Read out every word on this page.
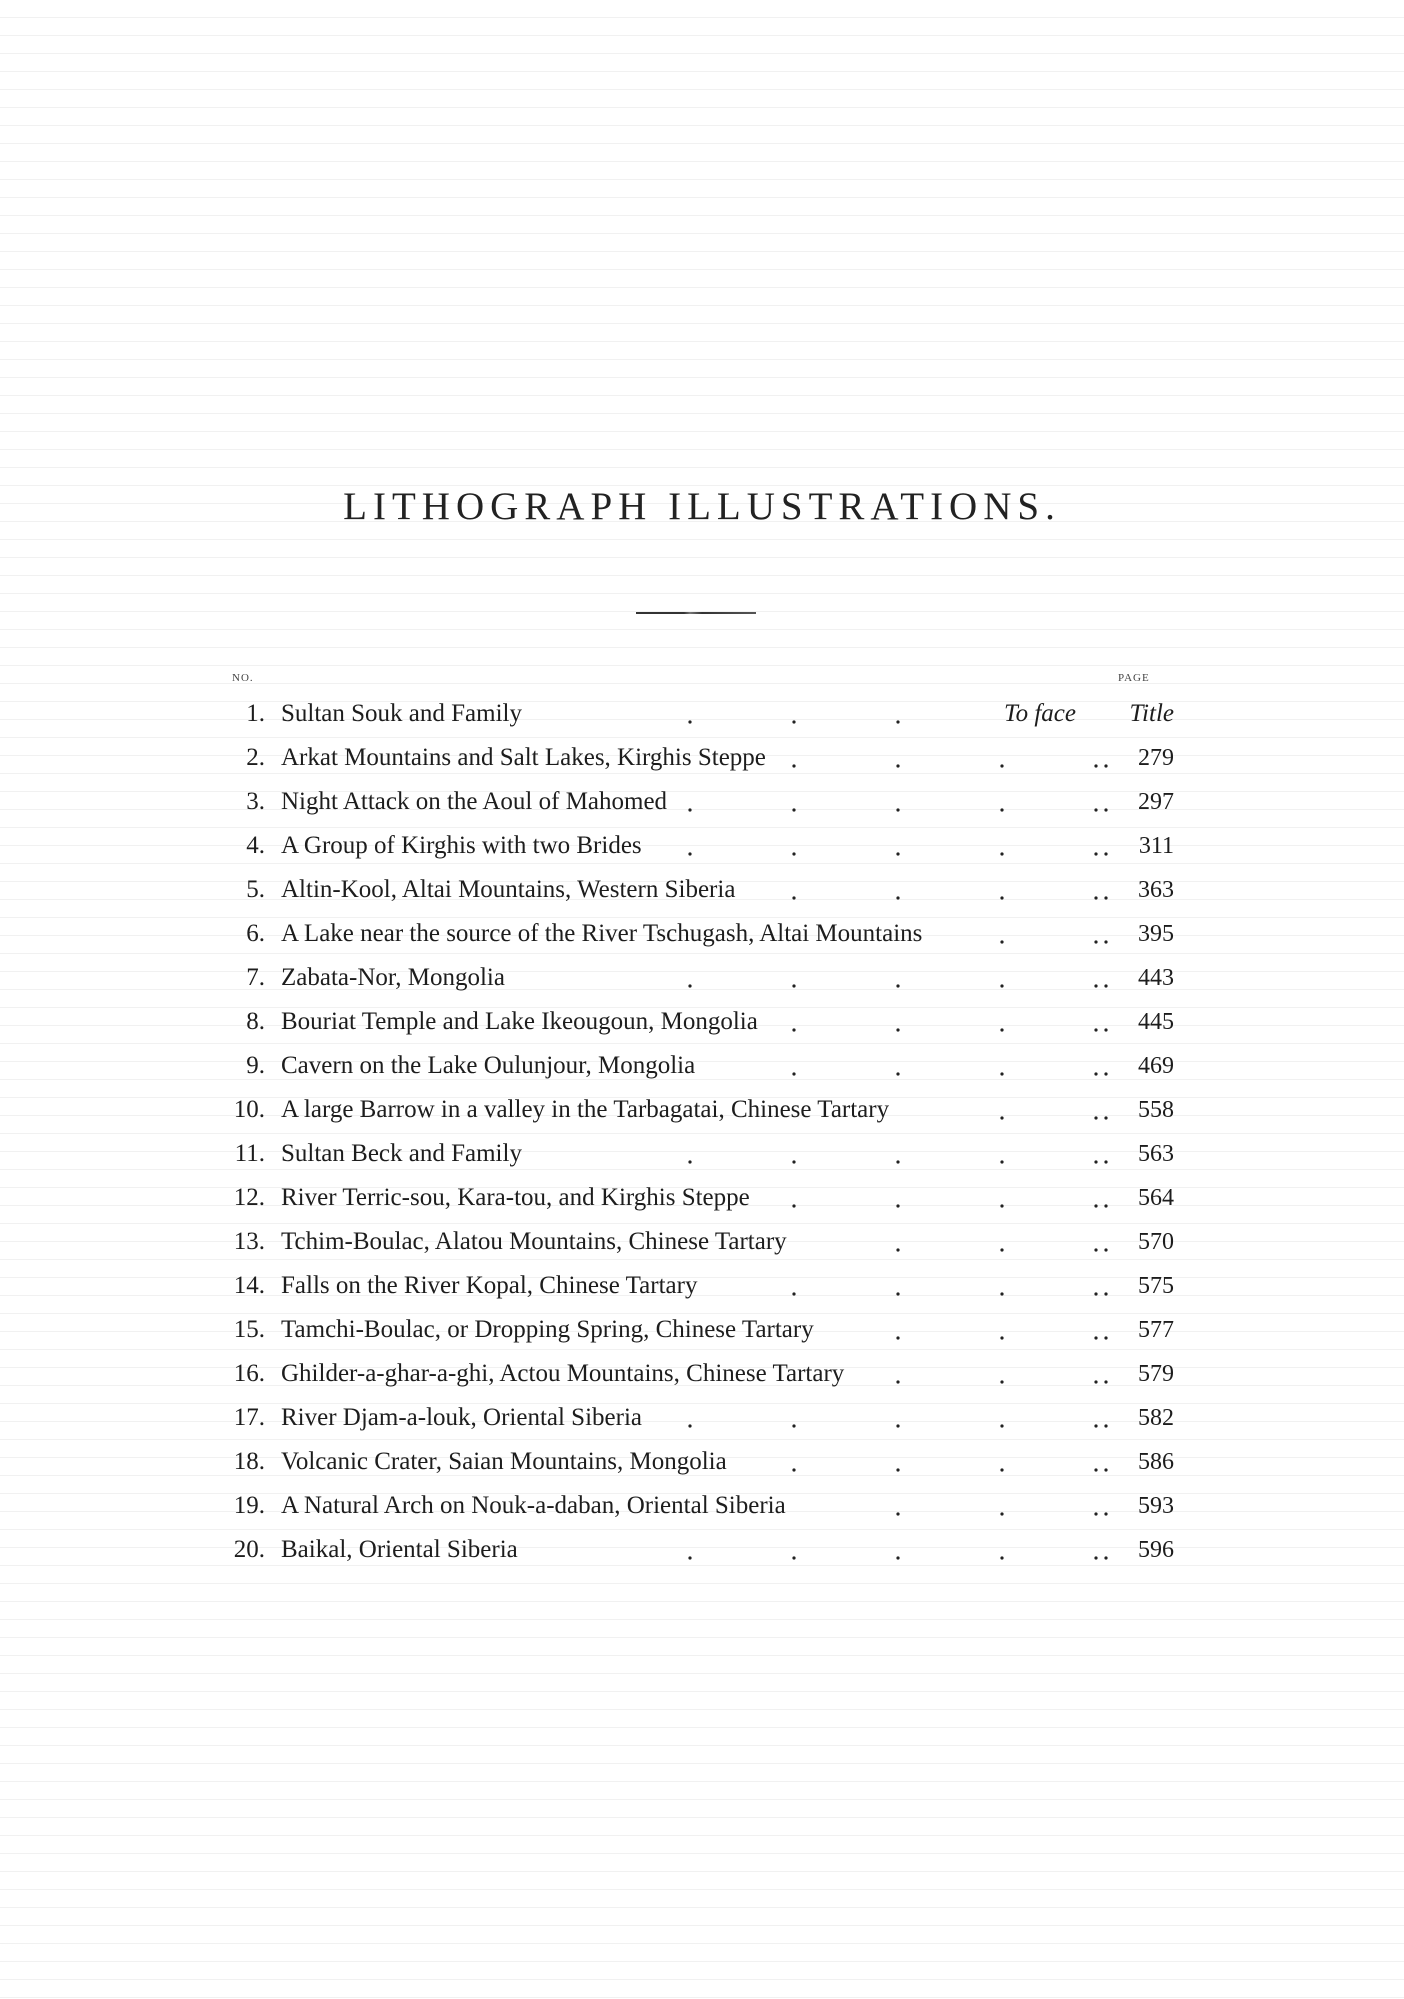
LITHOGRAPH ILLUSTRATIONS.
NO.	PAGE
1. Sultan Souk and Family	To face Title
2. Arkat Mountains and Salt Lakes, Kirghis Steppe	279
3. Night Attack on the Aoul of Mahomed	297
4. A Group of Kirghis with two Brides	311
5. Altin-Kool, Altai Mountains, Western Siberia	363
6. A Lake near the source of the River Tschugash, Altai Mountains	395
7. Zabata-Nor, Mongolia	443
8. Bouriat Temple and Lake Ikeougoun, Mongolia	445
9. Cavern on the Lake Oulunjour, Mongolia	469
10. A large Barrow in a valley in the Tarbagatai, Chinese Tartary	558
11. Sultan Beck and Family	563
12. River Terric-sou, Kara-tou, and Kirghis Steppe	564
13. Tchim-Boulac, Alatou Mountains, Chinese Tartary	570
14. Falls on the River Kopal, Chinese Tartary	575
15. Tamchi-Boulac, or Dropping Spring, Chinese Tartary	577
16. Ghilder-a-ghar-a-ghi, Actou Mountains, Chinese Tartary	579
17. River Djam-a-louk, Oriental Siberia	582
18. Volcanic Crater, Saian Mountains, Mongolia	586
19. A Natural Arch on Nouk-a-daban, Oriental Siberia	593
20. Baikal, Oriental Siberia	596
